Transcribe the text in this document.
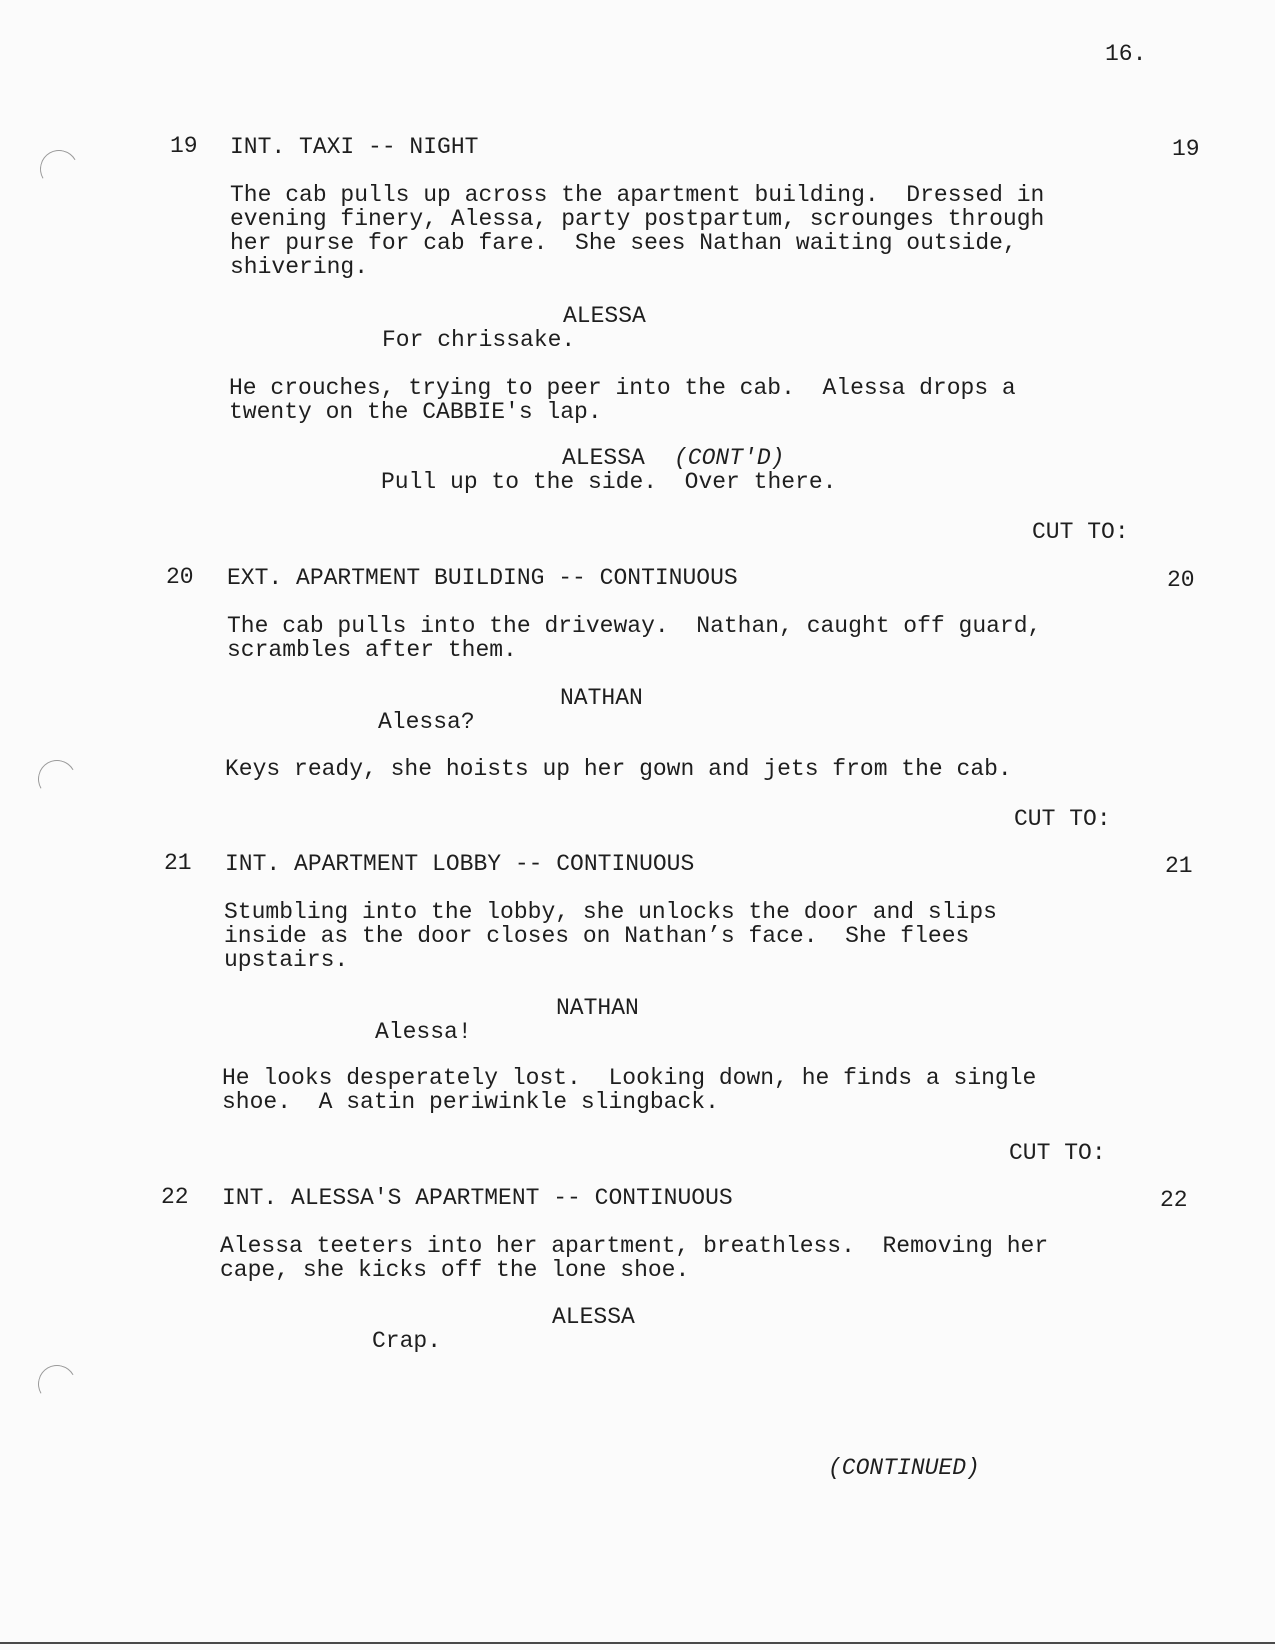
16.
19 INT. TAXI -- NIGHT	19
The cab pulls up across the apartment building.  Dressed in
evening finery, Alessa, party postpartum, scrounges through
her purse for cab fare.  She sees Nathan waiting outside,
shivering.
ALESSA
For chrissake.
He crouches, trying to peer into the cab.  Alessa drops a
twenty on the CABBIE's lap.
ALESSA (CONT'D)
Pull up to the side.  Over there.
CUT TO:
20 EXT. APARTMENT BUILDING -- CONTINUOUS	20
The cab pulls into the driveway.  Nathan, caught off guard,
scrambles after them.
NATHAN
Alessa?
Keys ready, she hoists up her gown and jets from the cab.
CUT TO:
21 INT. APARTMENT LOBBY -- CONTINUOUS	21
Stumbling into the lobby, she unlocks the door and slips
inside as the door closes on Nathan’s face.  She flees
upstairs.
NATHAN
Alessa!
He looks desperately lost.  Looking down, he finds a single
shoe.  A satin periwinkle slingback.
CUT TO:
22 INT. ALESSA'S APARTMENT -- CONTINUOUS	22
Alessa teeters into her apartment, breathless.  Removing her
cape, she kicks off the lone shoe.
ALESSA
Crap.
(CONTINUED)
